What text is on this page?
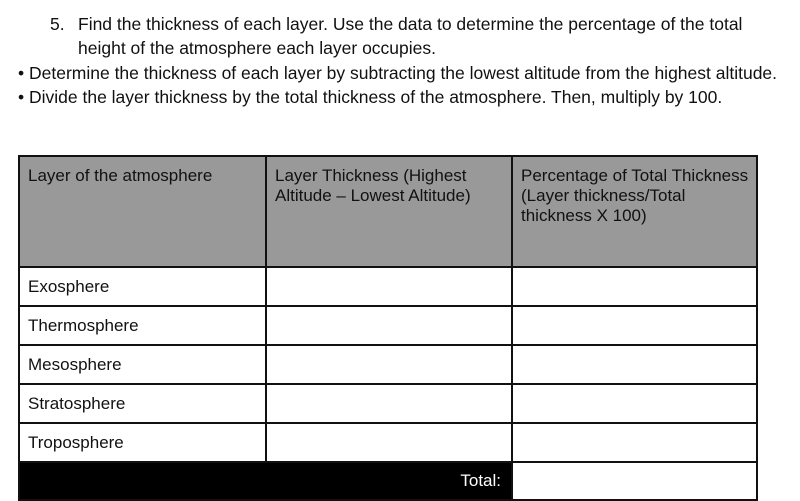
5. Find the thickness of each layer. Use the data to determine the percentage of the total height of the atmosphere each layer occupies.
• Determine the thickness of each layer by subtracting the lowest altitude from the highest altitude.
• Divide the layer thickness by the total thickness of the atmosphere. Then, multiply by 100.
Layer of the atmosphere	Layer Thickness (Highest Altitude – Lowest Altitude)	Percentage of Total Thickness (Layer thickness/Total thickness X 100)
Exosphere		
Thermosphere		
Mesosphere		
Stratosphere		
Troposphere		
Total:		
